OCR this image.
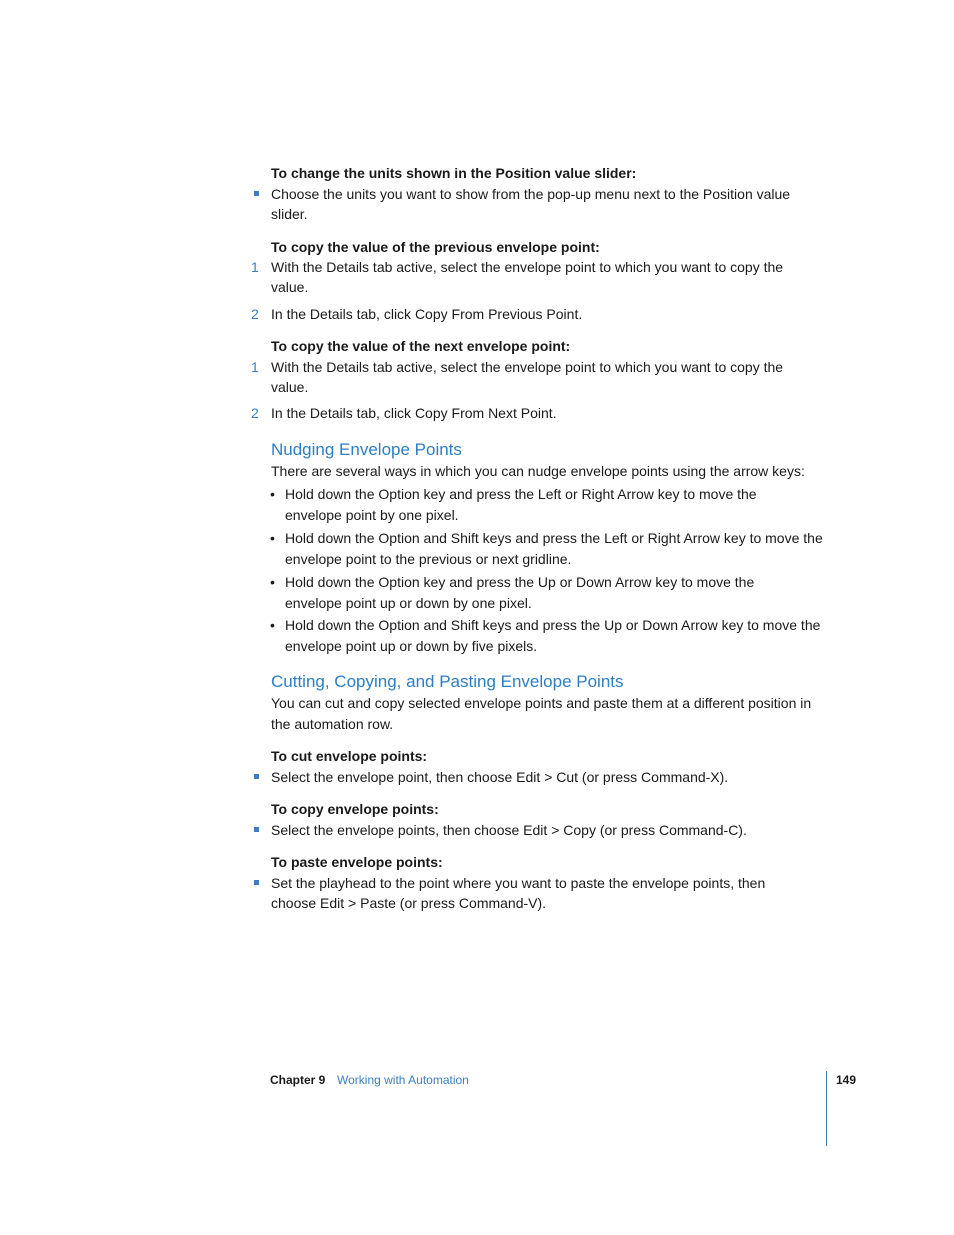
To change the units shown in the Position value slider:
Choose the units you want to show from the pop-up menu next to the Position value slider.
To copy the value of the previous envelope point:
1 With the Details tab active, select the envelope point to which you want to copy the value.
2 In the Details tab, click Copy From Previous Point.
To copy the value of the next envelope point:
1 With the Details tab active, select the envelope point to which you want to copy the value.
2 In the Details tab, click Copy From Next Point.
Nudging Envelope Points
There are several ways in which you can nudge envelope points using the arrow keys:
• Hold down the Option key and press the Left or Right Arrow key to move the envelope point by one pixel.
• Hold down the Option and Shift keys and press the Left or Right Arrow key to move the envelope point to the previous or next gridline.
• Hold down the Option key and press the Up or Down Arrow key to move the envelope point up or down by one pixel.
• Hold down the Option and Shift keys and press the Up or Down Arrow key to move the envelope point up or down by five pixels.
Cutting, Copying, and Pasting Envelope Points
You can cut and copy selected envelope points and paste them at a different position in the automation row.
To cut envelope points:
Select the envelope point, then choose Edit > Cut (or press Command-X).
To copy envelope points:
Select the envelope points, then choose Edit > Copy (or press Command-C).
To paste envelope points:
Set the playhead to the point where you want to paste the envelope points, then choose Edit > Paste (or press Command-V).
Chapter 9 Working with Automation	149
